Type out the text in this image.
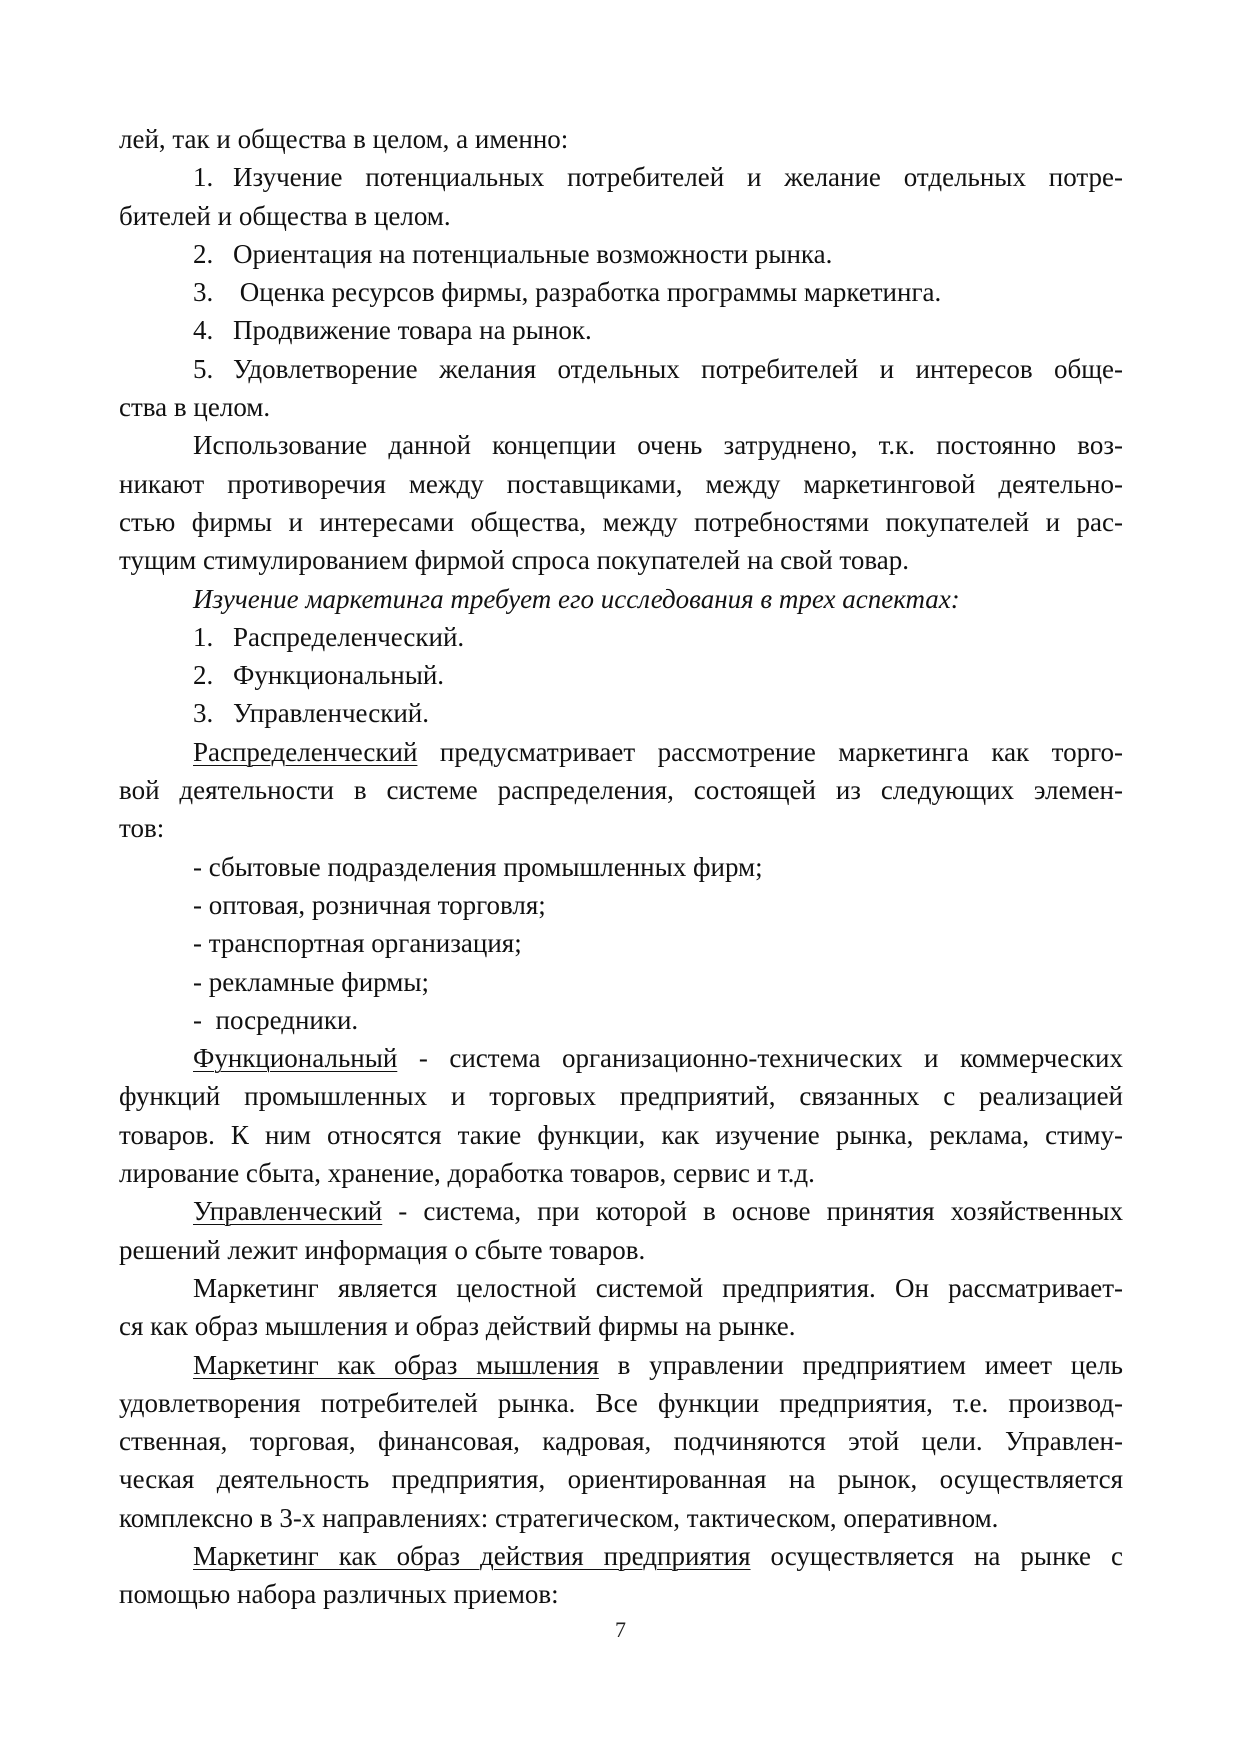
лей, так и общества в целом, а именно:
1. Изучение потенциальных потребителей и желание отдельных потре-
бителей и общества в целом.
2. Ориентация на потенциальные возможности рынка.
3. Оценка ресурсов фирмы, разработка программы маркетинга.
4. Продвижение товара на рынок.
5. Удовлетворение желания отдельных потребителей и интересов обще-
ства в целом.
Использование данной концепции очень затруднено, т.к. постоянно воз-
никают противоречия между поставщиками, между маркетинговой деятельно-
стью фирмы и интересами общества, между потребностями покупателей и рас-
тущим стимулированием фирмой спроса покупателей на свой товар.
Изучение маркетинга требует его исследования в трех аспектах:
1. Распределенческий.
2. Функциональный.
3. Управленческий.
Распределенческий предусматривает рассмотрение маркетинга как торго-
вой деятельности в системе распределения, состоящей из следующих элемен-
тов:
- сбытовые подразделения промышленных фирм;
- оптовая, розничная торговля;
- транспортная организация;
- рекламные фирмы;
-  посредники.
Функциональный - система организационно-технических и коммерческих
функций промышленных и торговых предприятий, связанных с реализацией
товаров. К ним относятся такие функции, как изучение рынка, реклама, стиму-
лирование сбыта, хранение, доработка товаров, сервис и т.д.
Управленческий - система, при которой в основе принятия хозяйственных
решений лежит информация о сбыте товаров.
Маркетинг является целостной системой предприятия. Он рассматривает-
ся как образ мышления и образ действий фирмы на рынке.
Маркетинг как образ мышления в управлении предприятием имеет цель
удовлетворения потребителей рынка. Все функции предприятия, т.е. производ-
ственная, торговая, финансовая, кадровая, подчиняются этой цели. Управлен-
ческая деятельность предприятия, ориентированная на рынок, осуществляется
комплексно в 3-х направлениях: стратегическом, тактическом, оперативном.
Маркетинг как образ действия предприятия осуществляется на рынке с
помощью набора различных приемов:
7
